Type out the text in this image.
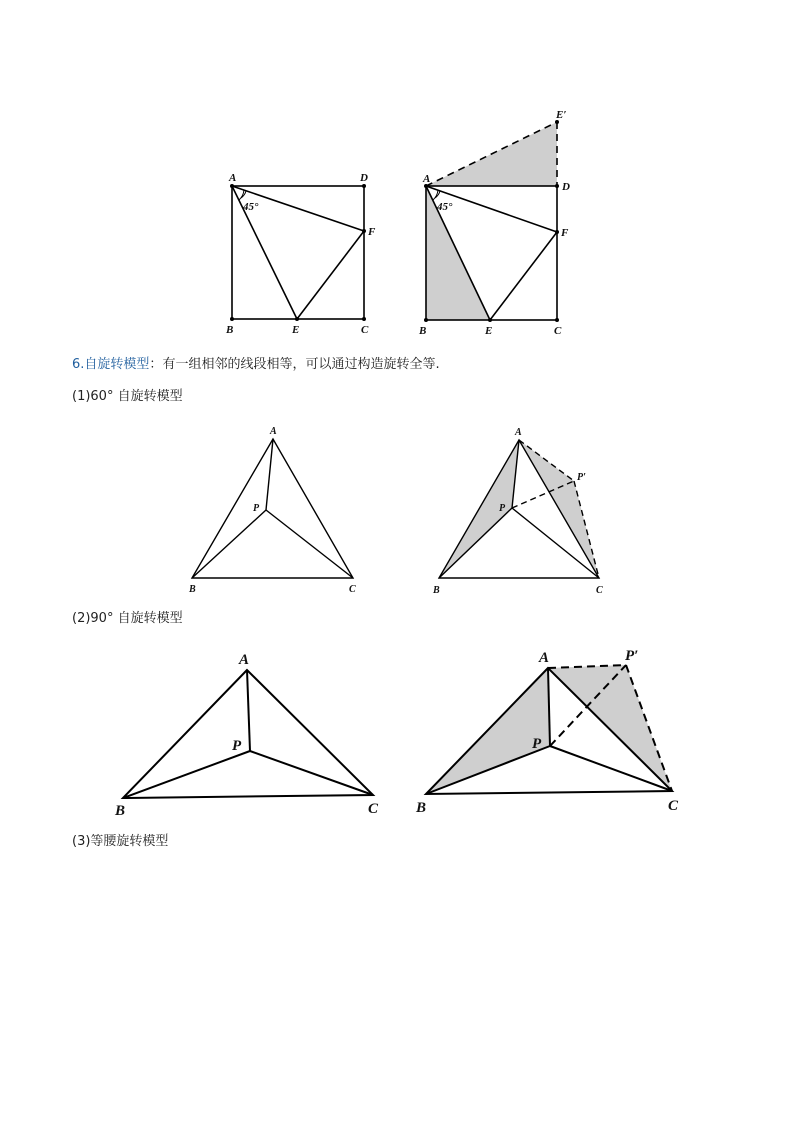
A	D
F
B	E	C
45°
A
D
F
E′
B	E	C
45°
A
P
B	C
A
P
P′
B	C
A
P
B	C
A
P
P′
B	C
6.自旋转模型：有一组相邻的线段相等，可以通过构造旋转全等.
(1)60° 自旋转模型
(2)90° 自旋转模型
(3)等腰旋转模型
